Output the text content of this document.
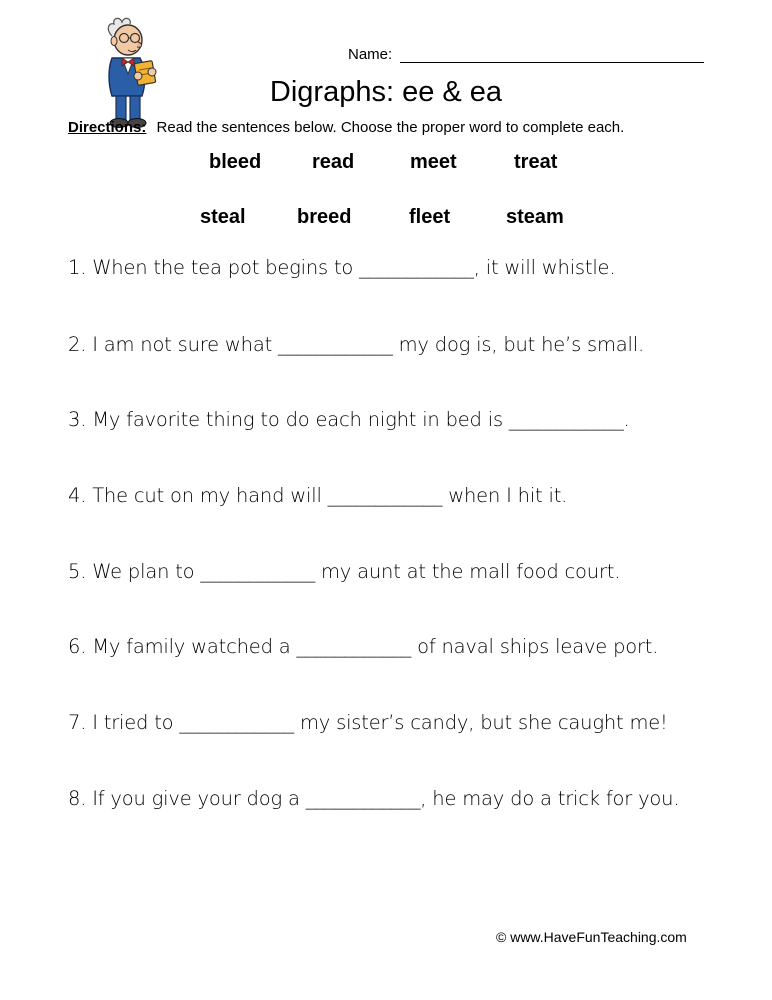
Name:
Digraphs: ee & ea
Directions: Read the sentences below. Choose the proper word to complete each.
bleed	read	meet	treat
steal	breed	fleet	steam
1. When the tea pot begins to ____________, it will whistle.
2. I am not sure what ____________ my dog is, but he’s small.
3. My favorite thing to do each night in bed is ____________.
4. The cut on my hand will ____________ when I hit it.
5. We plan to ____________ my aunt at the mall food court.
6. My family watched a ____________ of naval ships leave port.
7. I tried to ____________ my sister’s candy, but she caught me!
8. If you give your dog a ____________, he may do a trick for you.
© www.HaveFunTeaching.com
